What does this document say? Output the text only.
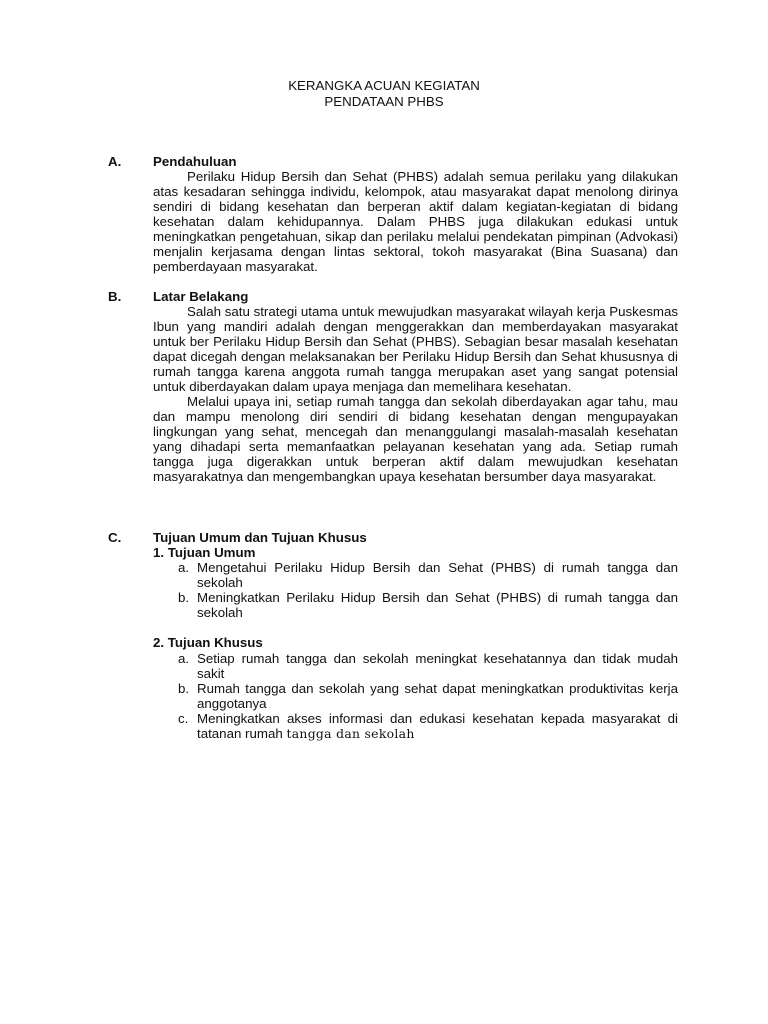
KERANGKA ACUAN KEGIATAN
PENDATAAN PHBS
A. Pendahuluan

Perilaku Hidup Bersih dan Sehat (PHBS) adalah semua perilaku yang dilakukan atas kesadaran sehingga individu, kelompok, atau masyarakat dapat menolong dirinya sendiri di bidang kesehatan dan berperan aktif dalam kegiatan-kegiatan di bidang kesehatan dalam kehidupannya. Dalam PHBS juga dilakukan edukasi untuk meningkatkan pengetahuan, sikap dan perilaku melalui pendekatan pimpinan (Advokasi) menjalin kerjasama dengan lintas sektoral, tokoh masyarakat (Bina Suasana) dan pemberdayaan masyarakat.

B. Latar Belakang

Salah satu strategi utama untuk mewujudkan masyarakat wilayah kerja Puskesmas Ibun yang mandiri adalah dengan menggerakkan dan memberdayakan masyarakat untuk ber Perilaku Hidup Bersih dan Sehat (PHBS). Sebagian besar masalah kesehatan dapat dicegah dengan melaksanakan ber Perilaku Hidup Bersih dan Sehat khususnya di rumah tangga karena anggota rumah tangga merupakan aset yang sangat potensial untuk diberdayakan dalam upaya menjaga dan memelihara kesehatan.

Melalui upaya ini, setiap rumah tangga dan sekolah diberdayakan agar tahu, mau dan mampu menolong diri sendiri di bidang kesehatan dengan mengupayakan lingkungan yang sehat, mencegah dan menanggulangi masalah-masalah kesehatan yang dihadapi serta memanfaatkan pelayanan kesehatan yang ada. Setiap rumah tangga juga digerakkan untuk berperan aktif dalam mewujudkan kesehatan masyarakatnya dan mengembangkan upaya kesehatan bersumber daya masyarakat.

C. Tujuan Umum dan Tujuan Khusus
1. Tujuan Umum
a. Mengetahui Perilaku Hidup Bersih dan Sehat (PHBS) di rumah tangga dan sekolah
b. Meningkatkan Perilaku Hidup Bersih dan Sehat (PHBS) di rumah tangga dan sekolah
2. Tujuan Khusus
a. Setiap rumah tangga dan sekolah meningkat kesehatannya dan tidak mudah sakit
b. Rumah tangga dan sekolah yang sehat dapat meningkatkan produktivitas kerja anggotanya
c. Meningkatkan akses informasi dan edukasi kesehatan kepada masyarakat di tatanan rumah tangga dan sekolah
